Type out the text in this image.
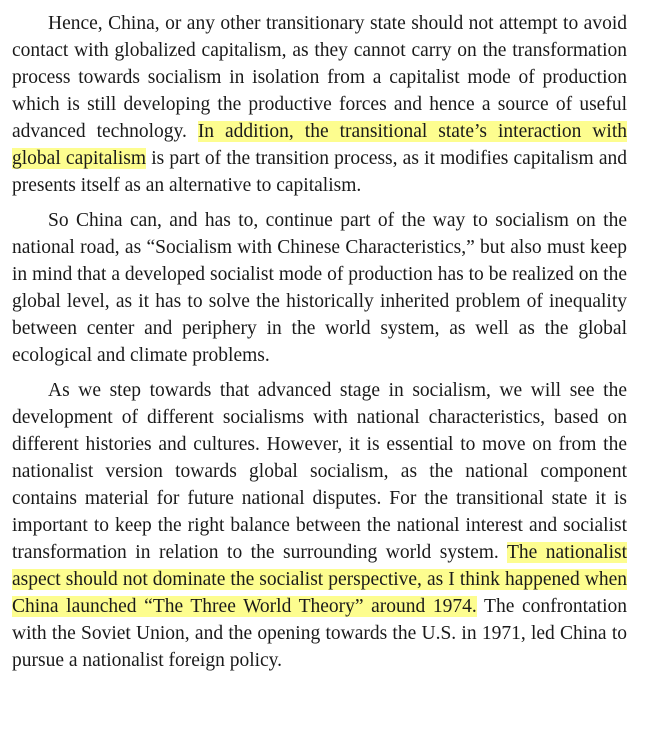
Hence, China, or any other transitionary state should not attempt to avoid contact with globalized capitalism, as they cannot carry on the transformation process towards socialism in isolation from a capitalist mode of production which is still developing the productive forces and hence a source of useful advanced technology. In addition, the transitional state’s interaction with global capitalism is part of the transition process, as it modifies capitalism and presents itself as an alternative to capitalism.

So China can, and has to, continue part of the way to socialism on the national road, as “Socialism with Chinese Characteristics,” but also must keep in mind that a developed socialist mode of production has to be realized on the global level, as it has to solve the historically inherited problem of inequality between center and periphery in the world system, as well as the global ecological and climate problems.

As we step towards that advanced stage in socialism, we will see the development of different socialisms with national characteristics, based on different histories and cultures. However, it is essential to move on from the nationalist version towards global socialism, as the national component contains material for future national disputes. For the transitional state it is important to keep the right balance between the national interest and socialist transformation in relation to the surrounding world system. The nationalist aspect should not dominate the socialist perspective, as I think happened when China launched “The Three World Theory” around 1974. The confrontation with the Soviet Union, and the opening towards the U.S. in 1971, led China to pursue a nationalist foreign policy.
